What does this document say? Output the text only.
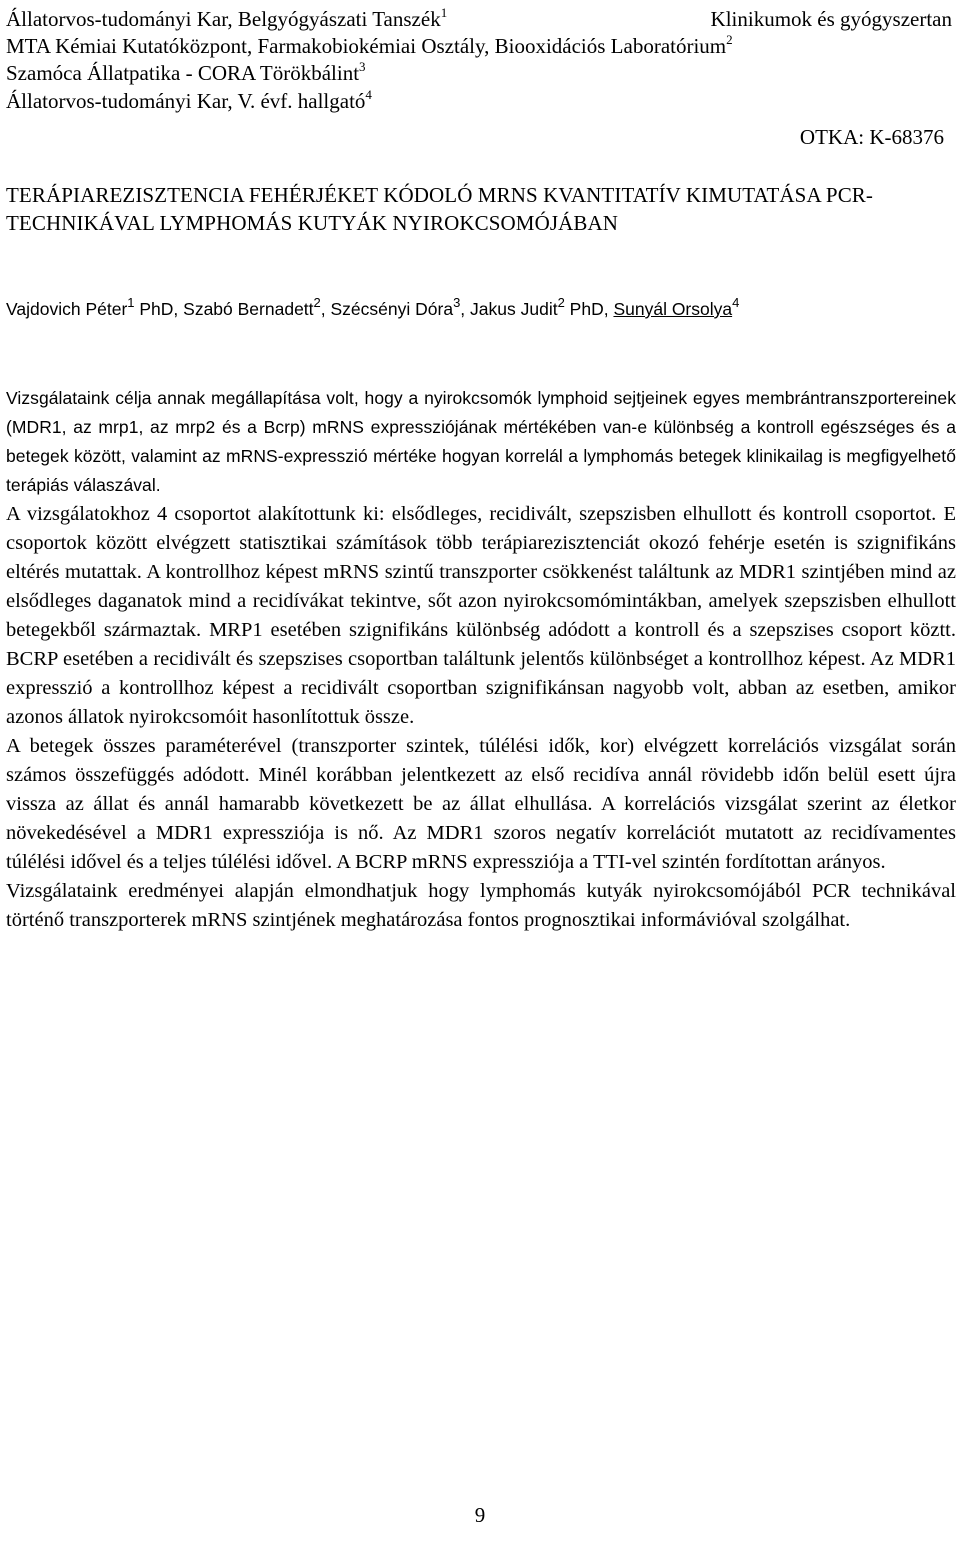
Állatorvos-tudományi Kar, Belgyógyászati Tanszék$^1$	Klinikumok és gyógyszertan
MTA Kémiai Kutatóközpont, Farmakobiokémiai Osztály, Biooxidációs Laboratórium$^2$
Szamóca Állatpatika - CORA Törökbálint$^3$
Állatorvos-tudományi Kar, V. évf. hallgató$^4$
OTKA: K-68376
TERÁPIAREZISZTENCIA FEHÉRJÉKET KÓDOLÓ MRNS KVANTITATÍV KIMUTATÁSA PCR-TECHNIKÁVAL LYMPHOMÁS KUTYÁK NYIROKCSOMÓJÁBAN
Vajdovich Péter$^1$ PhD, Szabó Bernadett$^2$, Szécsényi Dóra$^3$, Jakus Judit$^2$ PhD, Sunyál Orsolya$^4$

Vizsgálataink célja annak megállapítása volt, hogy a nyirokcsomók lymphoid sejtjeinek egyes membrántranszportereinek (MDR1, az mrp1, az mrp2 és a Bcrp) mRNS expressziójának mértékében van-e különbség a kontroll egészséges és a betegek között, valamint az mRNS-expresszió mértéke hogyan korrelál a lymphomás betegek klinikailag is megfigyelhető terápiás válaszával.

A vizsgálatokhoz 4 csoportot alakítottunk ki: elsődleges, recidivált, szepszisben elhullott és kontroll csoportot. E csoportok között elvégzett statisztikai számítások több terápiarezisztenciát okozó fehérje esetén is szignifikáns eltérés mutattak. A kontrollhoz képest mRNS szintű transzporter csökkenést találtunk az MDR1 szintjében mind az elsődleges daganatok mind a recidívákat tekintve, sőt azon nyirokcsomómintákban, amelyek szepszisben elhullott betegekből származtak. MRP1 esetében szignifikáns különbség adódott a kontroll és a szepszises csoport köztt. BCRP esetében a recidivált és szepszises csoportban találtunk jelentős különbséget a kontrollhoz képest. Az MDR1 expresszió a kontrollhoz képest a recidivált csoportban szignifikánsan nagyobb volt, abban az esetben, amikor azonos állatok nyirokcsomóit hasonlítottuk össze.

A betegek összes paraméterével (transzporter szintek, túlélési idők, kor) elvégzett korrelációs vizsgálat során számos összefüggés adódott. Minél korábban jelentkezett az első recidíva annál rövidebb időn belül esett újra vissza az állat és annál hamarabb következett be az állat elhullása. A korrelációs vizsgálat szerint az életkor növekedésével a MDR1 expressziója is nő. Az MDR1 szoros negatív korrelációt mutatott az recidívamentes túlélési idővel és a teljes túlélési idővel. A BCRP mRNS expressziója a TTI-vel szintén fordítottan arányos.

Vizsgálataink eredményei alapján elmondhatjuk hogy lymphomás kutyák nyirokcsomójából PCR technikával történő transzporterek mRNS szintjének meghatározása fontos prognosztikai informávióval szolgálhat.

9
